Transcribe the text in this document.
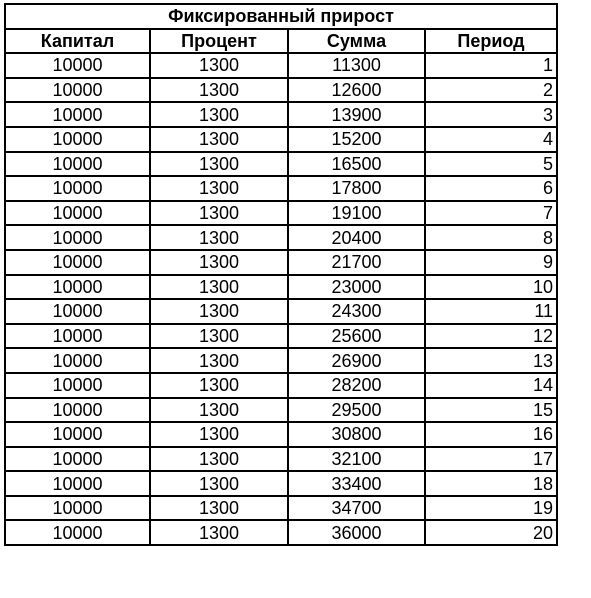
Фиксированный прирост			
Капитал	Процент	Сумма	Период
10000	1300	11300	1
10000	1300	12600	2
10000	1300	13900	3
10000	1300	15200	4
10000	1300	16500	5
10000	1300	17800	6
10000	1300	19100	7
10000	1300	20400	8
10000	1300	21700	9
10000	1300	23000	10
10000	1300	24300	11
10000	1300	25600	12
10000	1300	26900	13
10000	1300	28200	14
10000	1300	29500	15
10000	1300	30800	16
10000	1300	32100	17
10000	1300	33400	18
10000	1300	34700	19
10000	1300	36000	20
